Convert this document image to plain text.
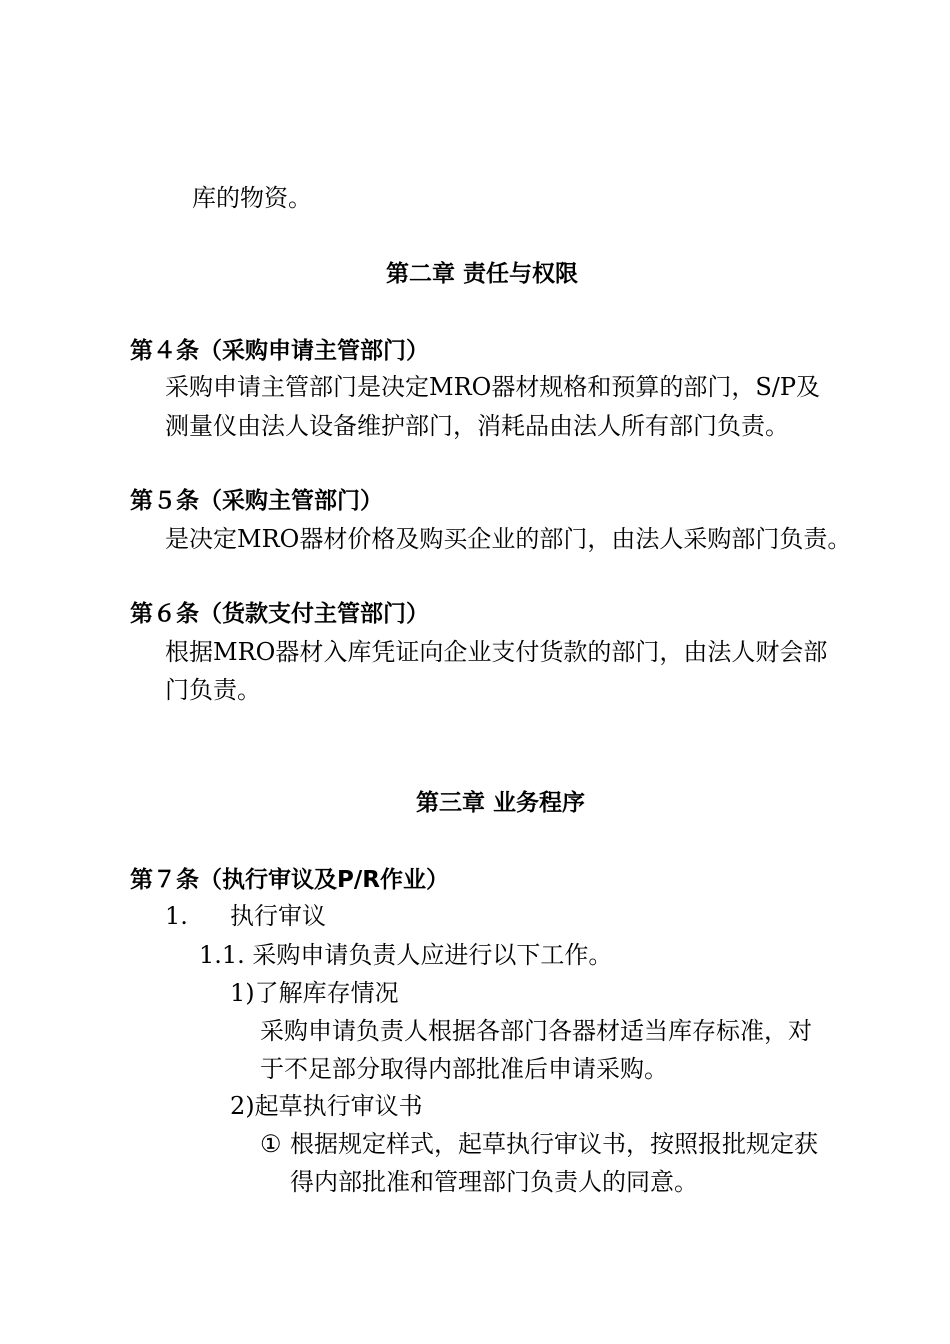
库的物资。
第二章 责任与权限
第４条（采购申请主管部门）
采购申请主管部门是决定MRO器材规格和预算的部门，S/P及
测量仪由法人设备维护部门，消耗品由法人所有部门负责。
第５条（采购主管部门）
是决定MRO器材价格及购买企业的部门，由法人采购部门负责。
第６条（货款支付主管部门）
根据MRO器材入库凭证向企业支付货款的部门，由法人财会部
门负责。
第三章 业务程序
第７条（执行审议及P/R作业）
1. 执行审议
1.1. 采购申请负责人应进行以下工作。
1)了解库存情况
采购申请负责人根据各部门各器材适当库存标准，对
于不足部分取得内部批准后申请采购。
2)起草执行审议书
① 根据规定样式，起草执行审议书，按照报批规定获
得内部批准和管理部门负责人的同意。
